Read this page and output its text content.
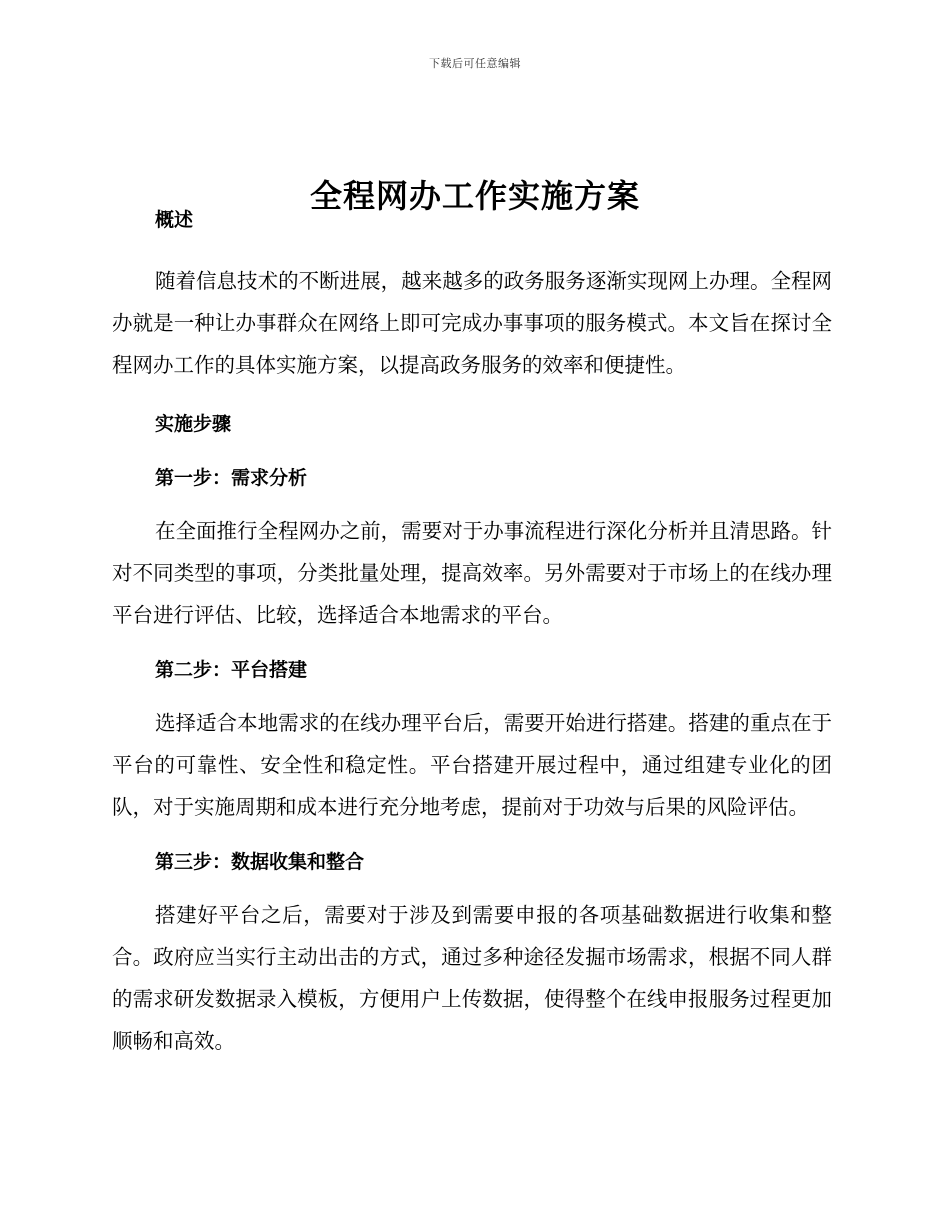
下载后可任意编辑
全程网办工作实施方案

概述

随着信息技术的不断进展，越来越多的政务服务逐渐实现网上办理。全程网办就是一种让办事群众在网络上即可完成办事事项的服务模式。本文旨在探讨全程网办工作的具体实施方案，以提高政务服务的效率和便捷性。

实施步骤

第一步：需求分析

在全面推行全程网办之前，需要对于办事流程进行深化分析并且清思路。针对不同类型的事项，分类批量处理，提高效率。另外需要对于市场上的在线办理平台进行评估、比较，选择适合本地需求的平台。

第二步：平台搭建

选择适合本地需求的在线办理平台后，需要开始进行搭建。搭建的重点在于平台的可靠性、安全性和稳定性。平台搭建开展过程中，通过组建专业化的团队，对于实施周期和成本进行充分地考虑，提前对于功效与后果的风险评估。

第三步：数据收集和整合

搭建好平台之后，需要对于涉及到需要申报的各项基础数据进行收集和整合。政府应当实行主动出击的方式，通过多种途径发掘市场需求，根据不同人群的需求研发数据录入模板，方便用户上传数据，使得整个在线申报服务过程更加顺畅和高效。
